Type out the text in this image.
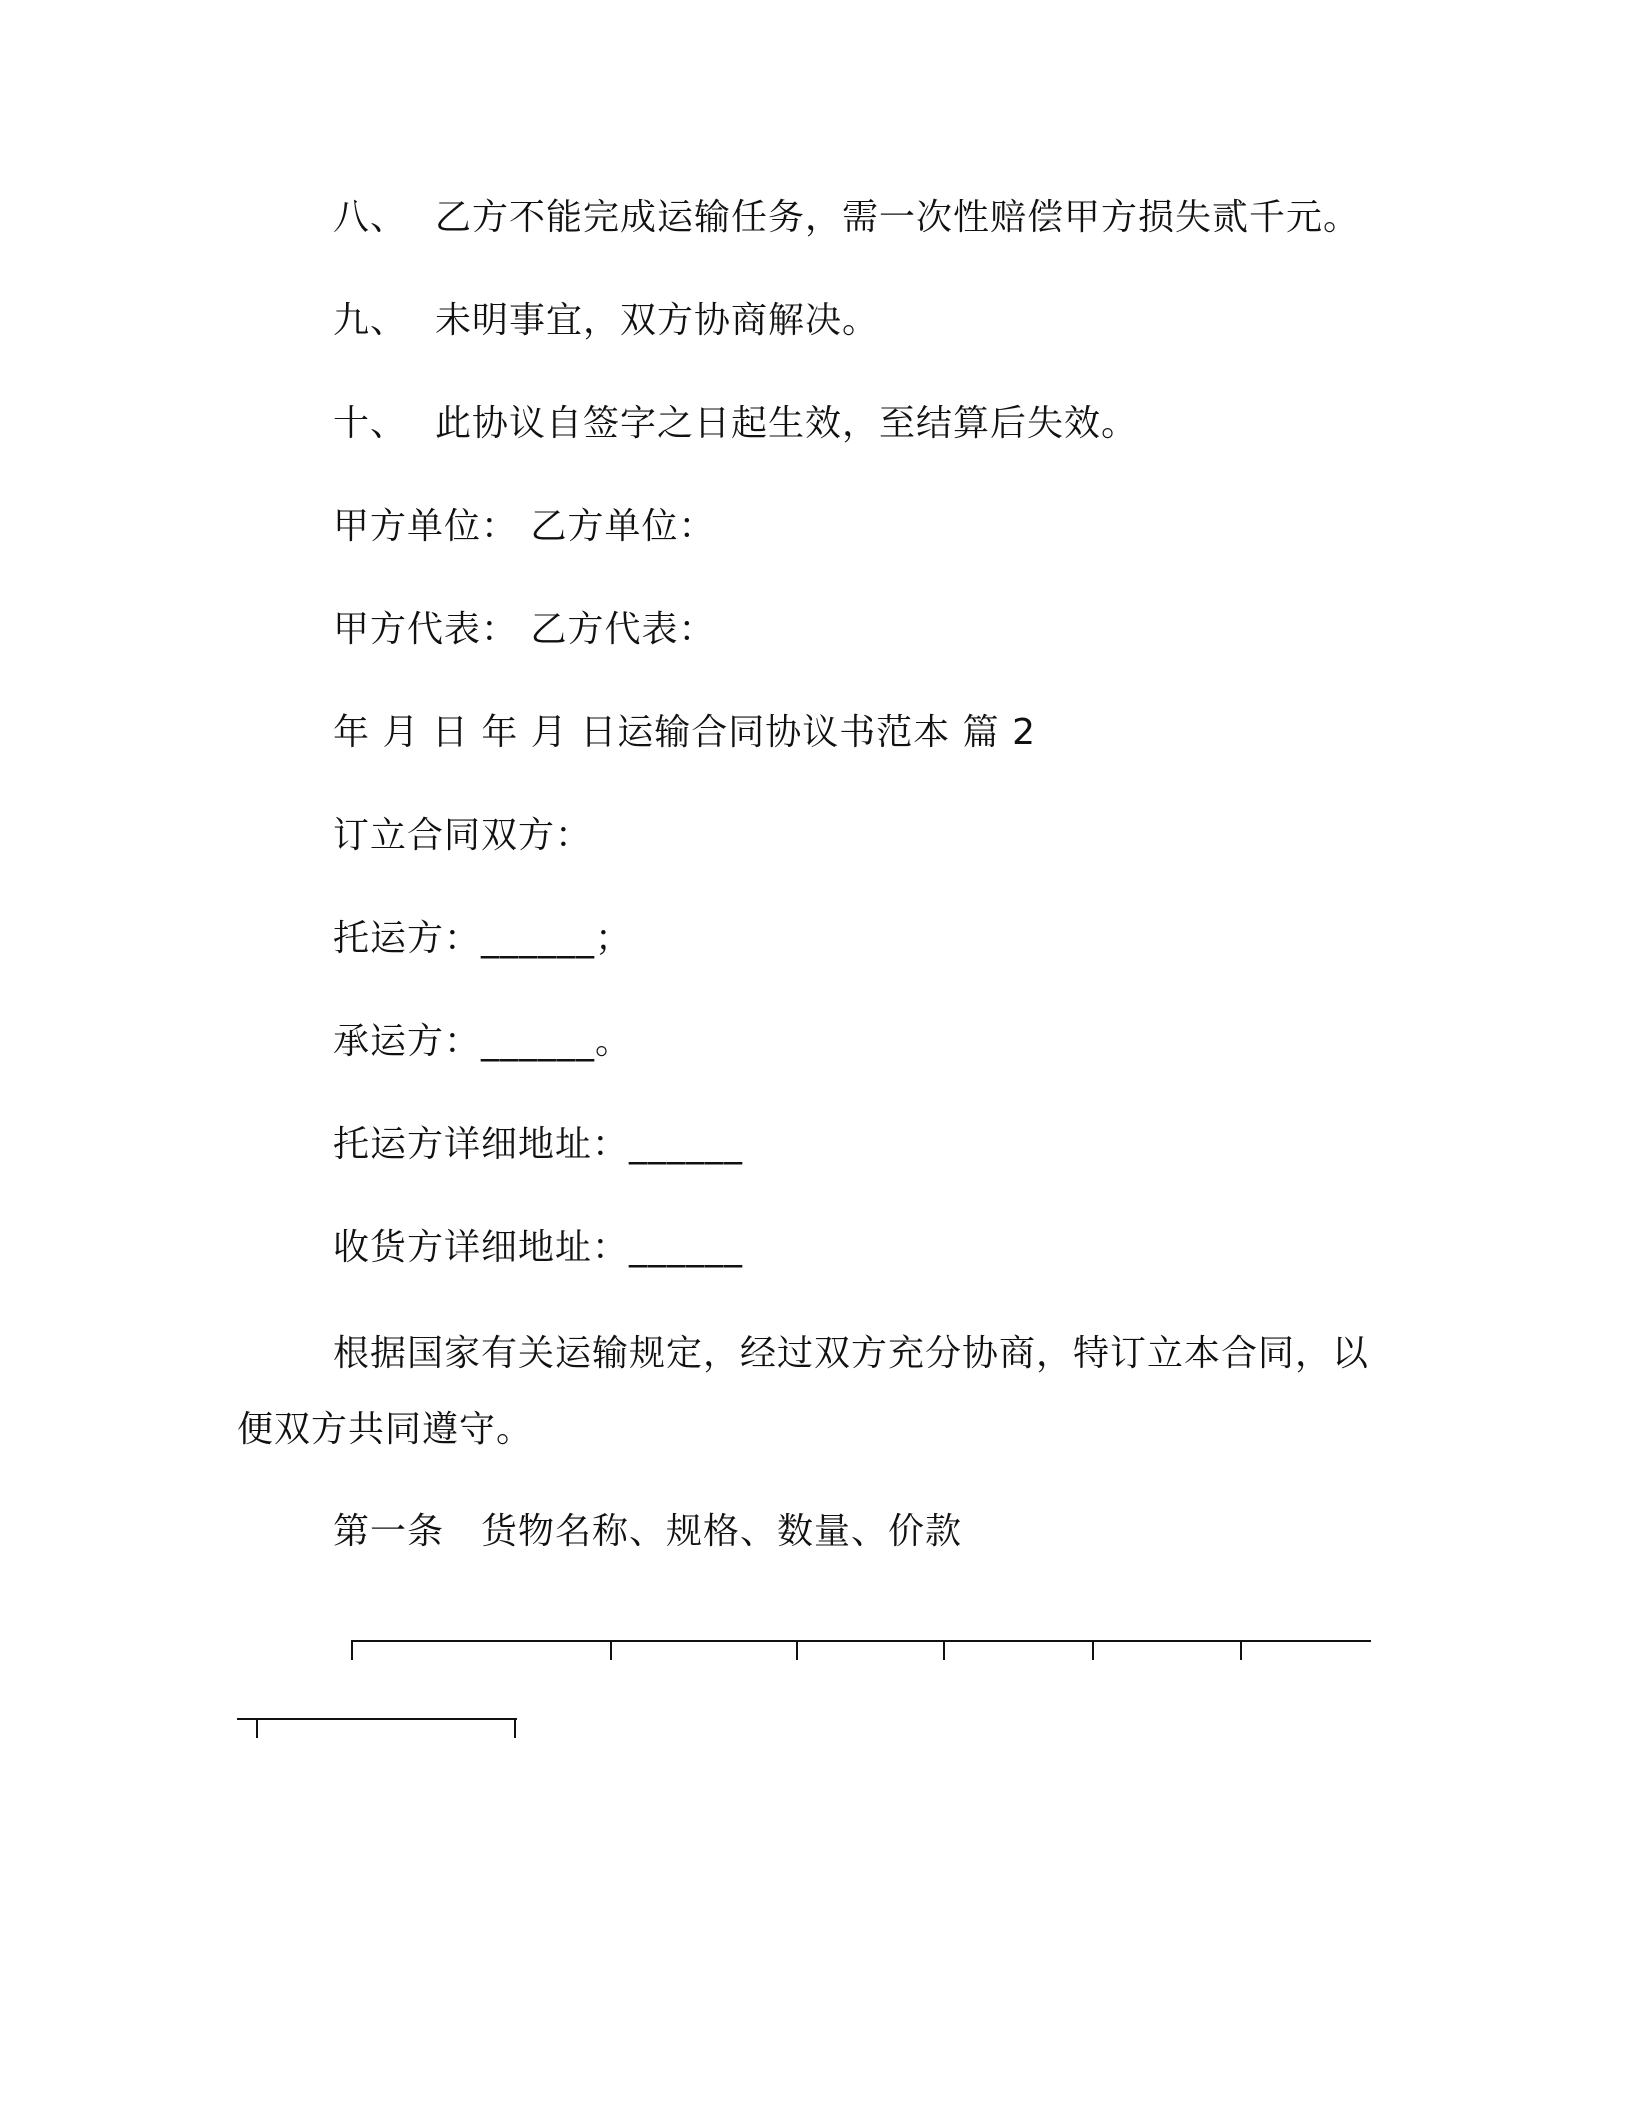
八、 乙方不能完成运输任务，需一次性赔偿甲方损失贰千元。
九、 未明事宜，双方协商解决。
十、 此协议自签字之日起生效，至结算后失效。
甲方单位： 乙方单位：
甲方代表： 乙方代表：
年 月 日 年 月 日运输合同协议书范本 篇 2
订立合同双方：
托运方：______；
承运方：______。
托运方详细地址：______
收货方详细地址：______
根据国家有关运输规定，经过双方充分协商，特订立本合同，以便双方共同遵守。
第一条　货物名称、规格、数量、价款
